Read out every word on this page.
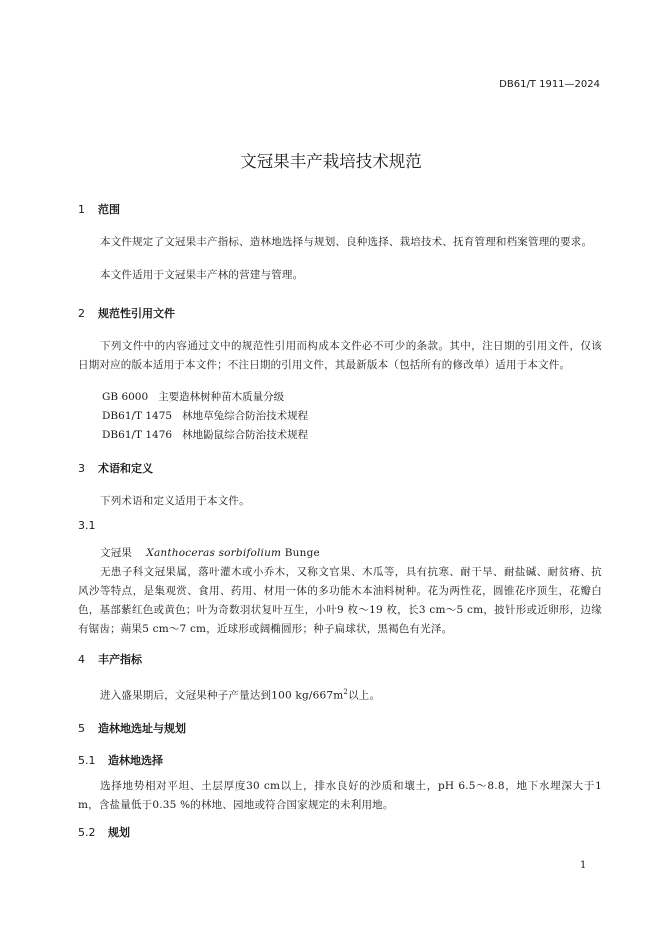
DB61/T 1911—2024
文冠果丰产栽培技术规范
1 范围
本文件规定了文冠果丰产指标、造林地选择与规划、良种选择、栽培技术、抚育管理和档案管理的要求。
本文件适用于文冠果丰产林的营建与管理。
2 规范性引用文件
下列文件中的内容通过文中的规范性引用而构成本文件必不可少的条款。其中，注日期的引用文件，仅该日期对应的版本适用于本文件；不注日期的引用文件，其最新版本（包括所有的修改单）适用于本文件。
GB 6000 主要造林树种苗木质量分级
DB61/T 1475 林地草兔综合防治技术规程
DB61/T 1476 林地鼢鼠综合防治技术规程
3 术语和定义
下列术语和定义适用于本文件。
3.1
文冠果 Xanthoceras sorbifolium Bunge
无患子科文冠果属，落叶灌木或小乔木，又称文官果、木瓜等，具有抗寒、耐干旱、耐盐碱、耐贫瘠、抗风沙等特点，是集观赏、食用、药用、材用一体的多功能木本油料树种。花为两性花，圆锥花序顶生，花瓣白色，基部紫红色或黄色；叶为奇数羽状复叶互生，小叶9 枚～19 枚，长3 cm～5 cm，披针形或近卵形，边缘有锯齿；蒴果5 cm～7 cm，近球形或阔椭圆形；种子扁球状，黑褐色有光泽。
4 丰产指标
进入盛果期后，文冠果种子产量达到100 $kg/667m^2$以上。
5 造林地选址与规划
5.1 造林地选择
选择地势相对平坦、土层厚度30 cm以上，排水良好的沙质和壤土，pH 6.5～8.8，地下水埋深大于1 m，含盐量低于0.35 %的林地、园地或符合国家规定的未利用地。
5.2 规划
1
